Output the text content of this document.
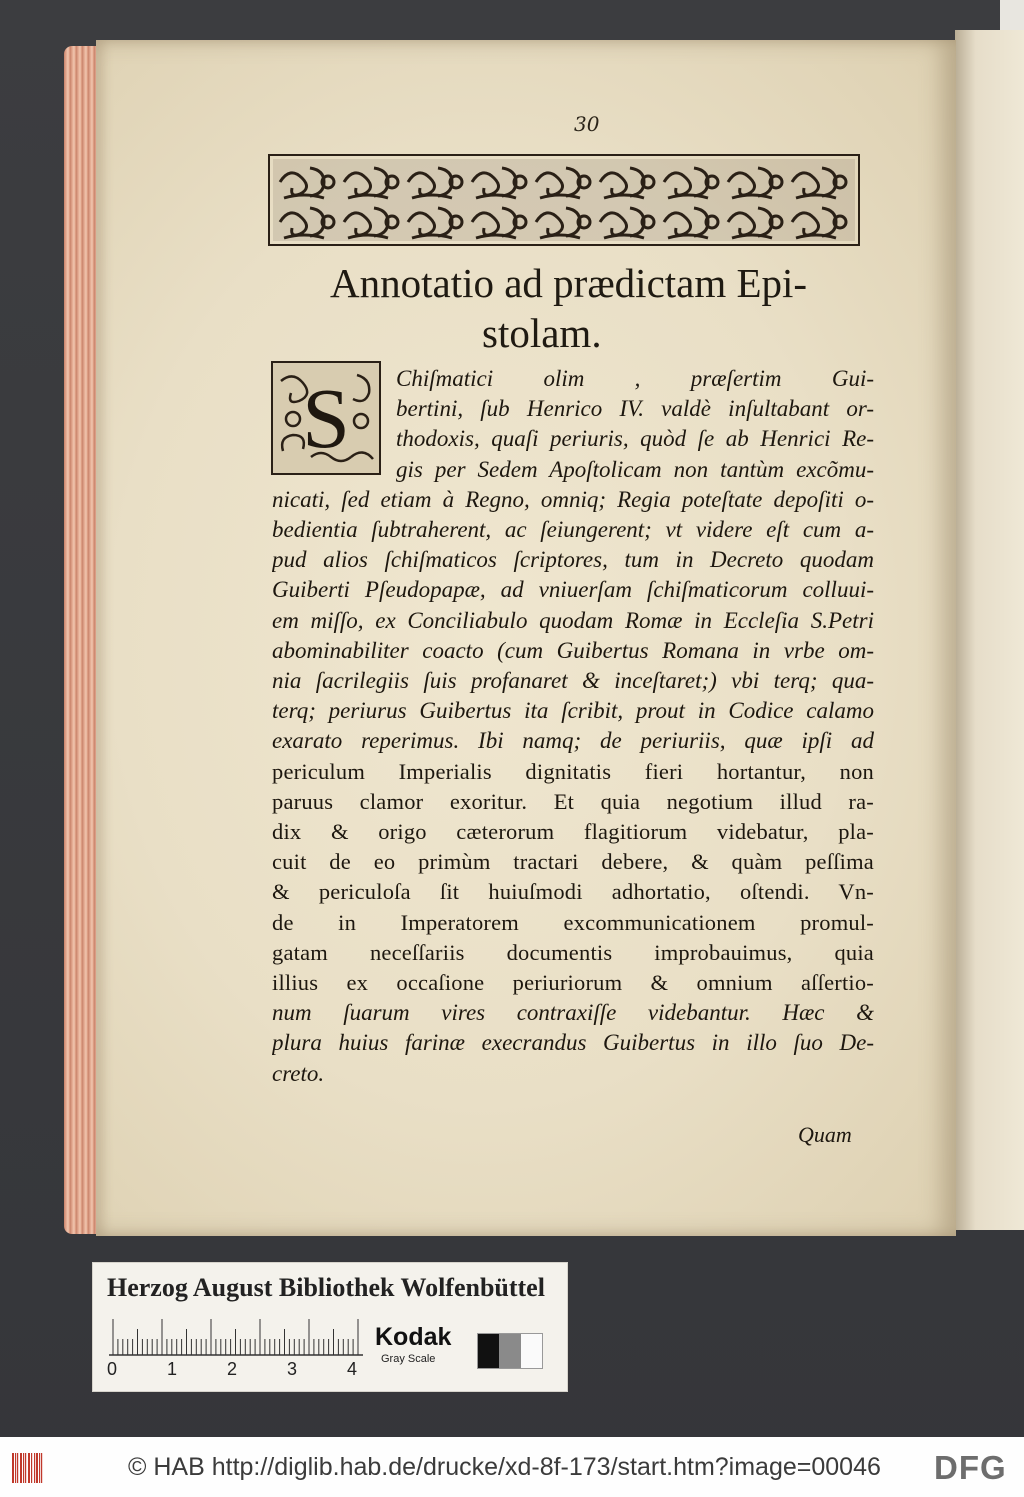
30
Annotatio ad prædictam Epi-
stolam.
S Chiſmatici olim , præſertim Gui-
bertini, ſub Henrico IV. valdè inſultabant or-
thodoxis, quaſi periuris, quòd ſe ab Henrici Re-
gis per Sedem Apoſtolicam non tantùm excõmu-
nicati, ſed etiam à Regno, omniq; Regia poteſtate depoſiti o-
bedientia ſubtraherent, ac ſeiungerent; vt videre eſt cum a-
pud alios ſchiſmaticos ſcriptores, tum in Decreto quodam
Guiberti Pſeudopapæ, ad vniuerſam ſchiſmaticorum colluui-
em miſſo, ex Conciliabulo quodam Romæ in Eccleſia S.Petri
abominabiliter coacto (cum Guibertus Romana in vrbe om-
nia ſacrilegiis ſuis profanaret & inceſtaret;) vbi terq; qua-
terq; periurus Guibertus ita ſcribit, prout in Codice calamo
exarato reperimus. Ibi namq; de periuriis, quæ ipſi ad
periculum Imperialis dignitatis fieri hortantur, non
paruus clamor exoritur. Et quia negotium illud ra-
dix & origo cæterorum flagitiorum videbatur, pla-
cuit de eo primùm tractari debere, & quàm peſſima
& periculoſa ſit huiuſmodi adhortatio, oſtendi. Vn-
de in Imperatorem excommunicationem promul-
gatam neceſſariis documentis improbauimus, quia
illius ex occaſione periuriorum & omnium aſſertio-
num ſuarum vires contraxiſſe videbantur. Hæc &
plura huius farinæ execrandus Guibertus in illo ſuo De-
creto.
Quam
Herzog August Bibliothek Wolfenbüttel
0	1	2	3	4
Kodak
Gray Scale
© HAB http://diglib.hab.de/drucke/xd-8f-173/start.htm?image=00046 DFG
